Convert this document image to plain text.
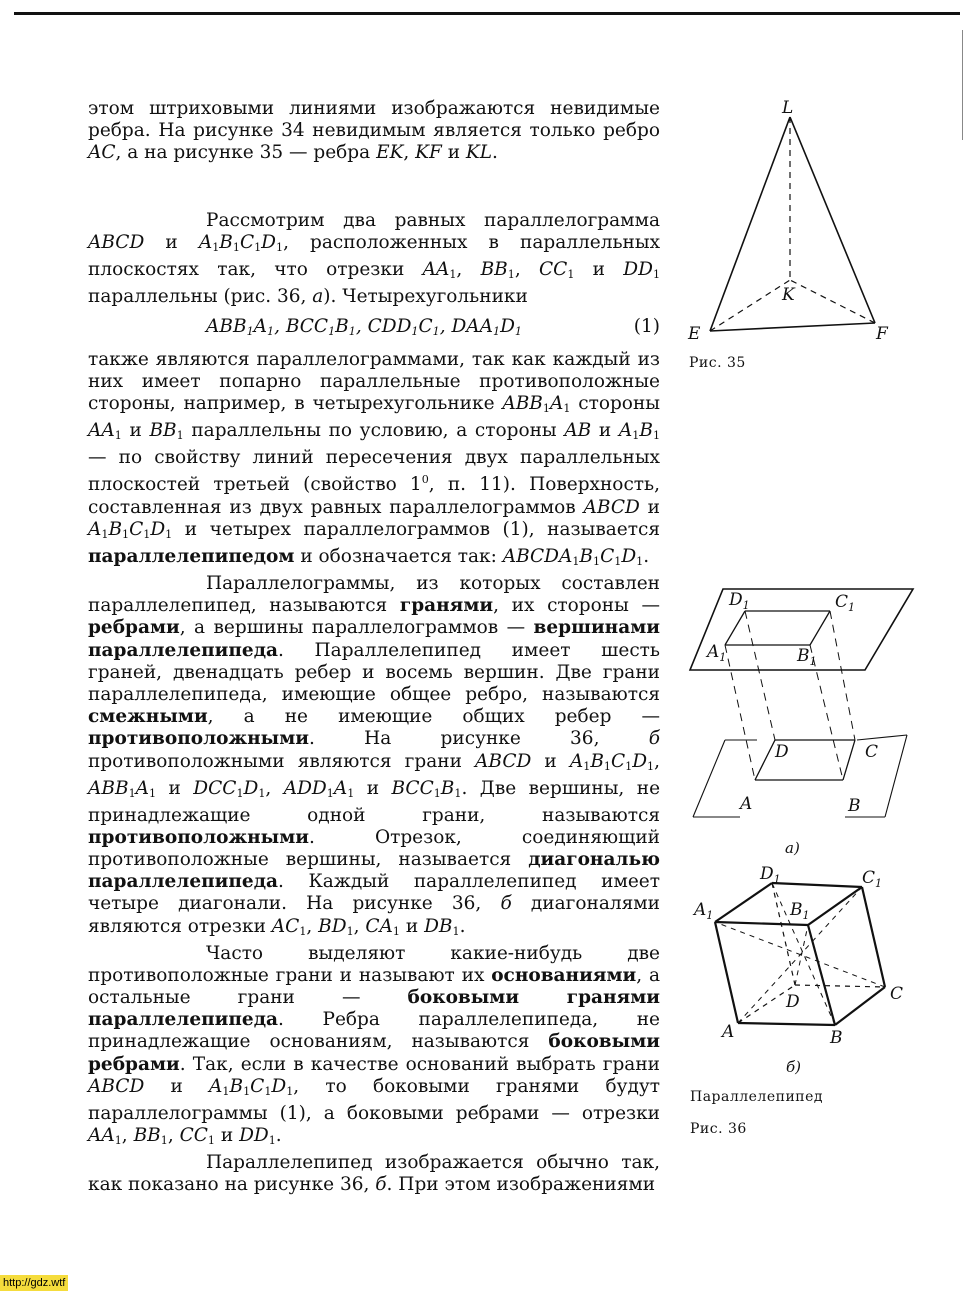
этом штриховыми линиями изображаются невидимые ребра. На рисунке 34 невидимым является только ребро AC, а на рисунке 35 — ребра EK, KF и KL.

Рассмотрим два равных параллелограмма ABCD и $A_1B_1C_1D_1$, расположенных в параллельных плоскостях так, что отрезки $AA_1$, $BB_1$, $CC_1$ и $DD_1$ параллельны (рис. 36, а). Четырехугольники

$ABB_1A_1$, $BCC_1B_1$, $CDD_1C_1$, $DAA_1D_1$	(1)

также являются параллелограммами, так как каждый из них имеет попарно параллельные противоположные стороны, например, в четырехугольнике $ABB_1A_1$ стороны $AA_1$ и $BB_1$ параллельны по условию, а стороны AB и $A_1B_1$ — по свойству линий пересечения двух параллельных плоскостей третьей (свойство $1^0$, п. 11). Поверхность, составленная из двух равных параллелограммов ABCD и $A_1B_1C_1D_1$ и четырех параллелограммов (1), называется параллелепипедом и обозначается так: $ABCDA_1B_1C_1D_1$.

Параллелограммы, из которых составлен параллелепипед, называются гранями, их стороны — ребрами, а вершины параллелограммов — вершинами параллелепипеда. Параллелепипед имеет шесть граней, двенадцать ребер и восемь вершин. Две грани параллелепипеда, имеющие общее ребро, называются смежными, а не имеющие общих ребер — противоположными. На рисунке 36, б противоположными являются грани ABCD и $A_1B_1C_1D_1$, $ABB_1A_1$ и $DCC_1D_1$, $ADD_1A_1$ и $BCC_1B_1$. Две вершины, не принадлежащие одной грани, называются противоположными. Отрезок, соединяющий противоположные вершины, называется диагональю параллелепипеда. Каждый параллелепипед имеет четыре диагонали. На рисунке 36, б диагоналями являются отрезки $AC_1$, $BD_1$, $CA_1$ и $DB_1$.

Часто выделяют какие-нибудь две противоположные грани и называют их основаниями, а остальные грани — боковыми гранями параллелепипеда. Ребра параллелепипеда, не принадлежащие основаниям, называются боковыми ребрами. Так, если в качестве оснований выбрать грани ABCD и $A_1B_1C_1D_1$, то боковыми гранями будут параллелограммы (1), а боковыми ребрами — отрезки $AA_1$, $BB_1$, $CC_1$ и $DD_1$.

Параллелепипед изображается обычно так, как показано на рисунке 36, б. При этом изображениями

L
K
E	F
Рис. 35
$D_1$	$C_1$
$A_1$	$B_1$
D	C
A	B
а)
$D_1$	$C_1$
$A_1$	$B_1$
D	C
A	B
б)
Параллелепипед
Рис. 36
http://gdz.wtf
